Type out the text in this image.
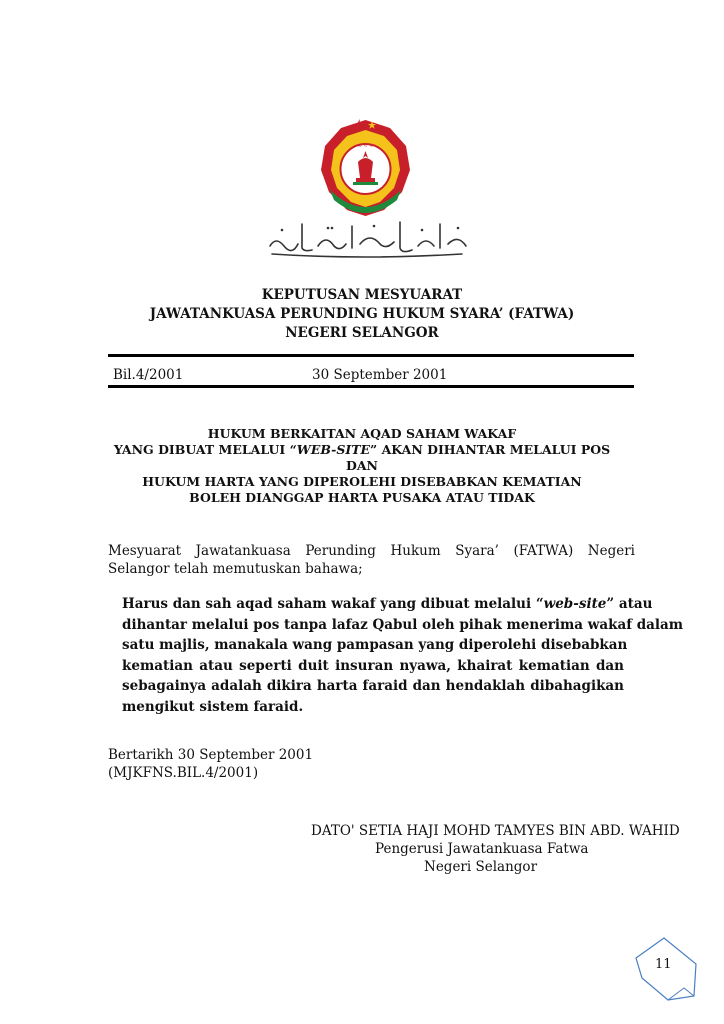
~ ~ ~
KEPUTUSAN MESYUARAT
JAWATANKUASA PERUNDING HUKUM SYARA’ (FATWA)
NEGERI SELANGOR
Bil.4/2001	30 September 2001
HUKUM BERKAITAN AQAD SAHAM WAKAF
YANG DIBUAT MELALUI “WEB-SITE” AKAN DIHANTAR MELALUI POS
DAN
HUKUM HARTA YANG DIPEROLEHI DISEBABKAN KEMATIAN
BOLEH DIANGGAP HARTA PUSAKA ATAU TIDAK
Mesyuarat Jawatankuasa Perunding Hukum Syara’ (FATWA) Negeri Selangor telah memutuskan bahawa;
Harus dan sah aqad saham wakaf yang dibuat melalui “web-site” atau
dihantar melalui pos tanpa lafaz Qabul oleh pihak menerima wakaf dalam
satu majlis, manakala wang pampasan yang diperolehi disebabkan
kematian atau seperti duit insuran nyawa, khairat kematian dan
sebagainya adalah dikira harta faraid dan hendaklah dibahagikan
mengikut sistem faraid.
Bertarikh 30 September 2001
(MJKFNS.BIL.4/2001)
DATO' SETIA HAJI MOHD TAMYES BIN ABD. WAHID
Pengerusi Jawatankuasa Fatwa
Negeri Selangor
11
